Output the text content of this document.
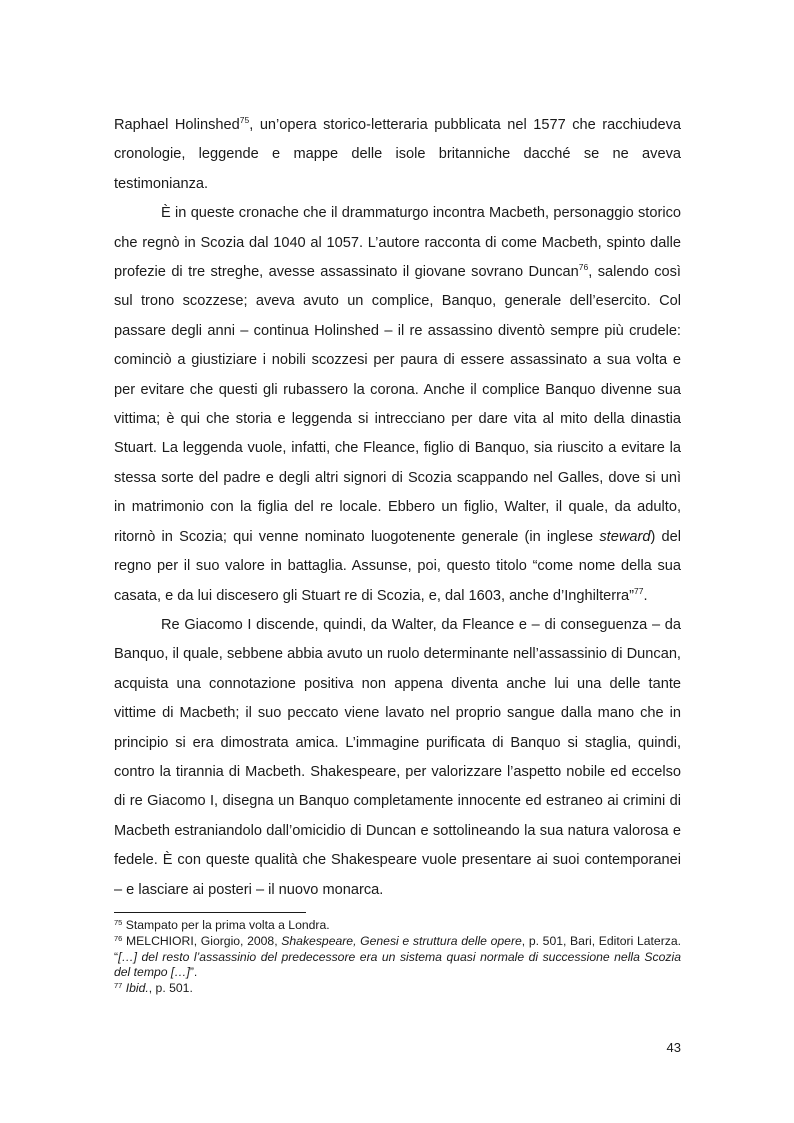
Raphael Holinshed$^{75}$, un’opera storico-letteraria pubblicata nel 1577 che racchiudeva cronologie, leggende e mappe delle isole britanniche dacché se ne aveva testimonianza.

È in queste cronache che il drammaturgo incontra Macbeth, personaggio storico che regnò in Scozia dal 1040 al 1057. L’autore racconta di come Macbeth, spinto dalle profezie di tre streghe, avesse assassinato il giovane sovrano Duncan$^{76}$, salendo così sul trono scozzese; aveva avuto un complice, Banquo, generale dell’esercito. Col passare degli anni – continua Holinshed – il re assassino diventò sempre più crudele: cominciò a giustiziare i nobili scozzesi per paura di essere assassinato a sua volta e per evitare che questi gli rubassero la corona. Anche il complice Banquo divenne sua vittima; è qui che storia e leggenda si intrecciano per dare vita al mito della dinastia Stuart. La leggenda vuole, infatti, che Fleance, figlio di Banquo, sia riuscito a evitare la stessa sorte del padre e degli altri signori di Scozia scappando nel Galles, dove si unì in matrimonio con la figlia del re locale. Ebbero un figlio, Walter, il quale, da adulto, ritornò in Scozia; qui venne nominato luogotenente generale (in inglese steward) del regno per il suo valore in battaglia. Assunse, poi, questo titolo “come nome della sua casata, e da lui discesero gli Stuart re di Scozia, e, dal 1603, anche d’Inghilterra”$^{77}$.

Re Giacomo I discende, quindi, da Walter, da Fleance e – di conseguenza – da Banquo, il quale, sebbene abbia avuto un ruolo determinante nell’assassinio di Duncan, acquista una connotazione positiva non appena diventa anche lui una delle tante vittime di Macbeth; il suo peccato viene lavato nel proprio sangue dalla mano che in principio si era dimostrata amica. L’immagine purificata di Banquo si staglia, quindi, contro la tirannia di Macbeth. Shakespeare, per valorizzare l’aspetto nobile ed eccelso di re Giacomo I, disegna un Banquo completamente innocente ed estraneo ai crimini di Macbeth estraniandolo dall’omicidio di Duncan e sottolineando la sua natura valorosa e fedele. È con queste qualità che Shakespeare vuole presentare ai suoi contemporanei – e lasciare ai posteri – il nuovo monarca.

$^{75}$ Stampato per la prima volta a Londra.

$^{76}$ MELCHIORI, Giorgio, 2008, Shakespeare, Genesi e struttura delle opere, p. 501, Bari, Editori Laterza. “[…] del resto l’assassinio del predecessore era un sistema quasi normale di successione nella Scozia del tempo […]”.

$^{77}$ Ibid., p. 501.

43
